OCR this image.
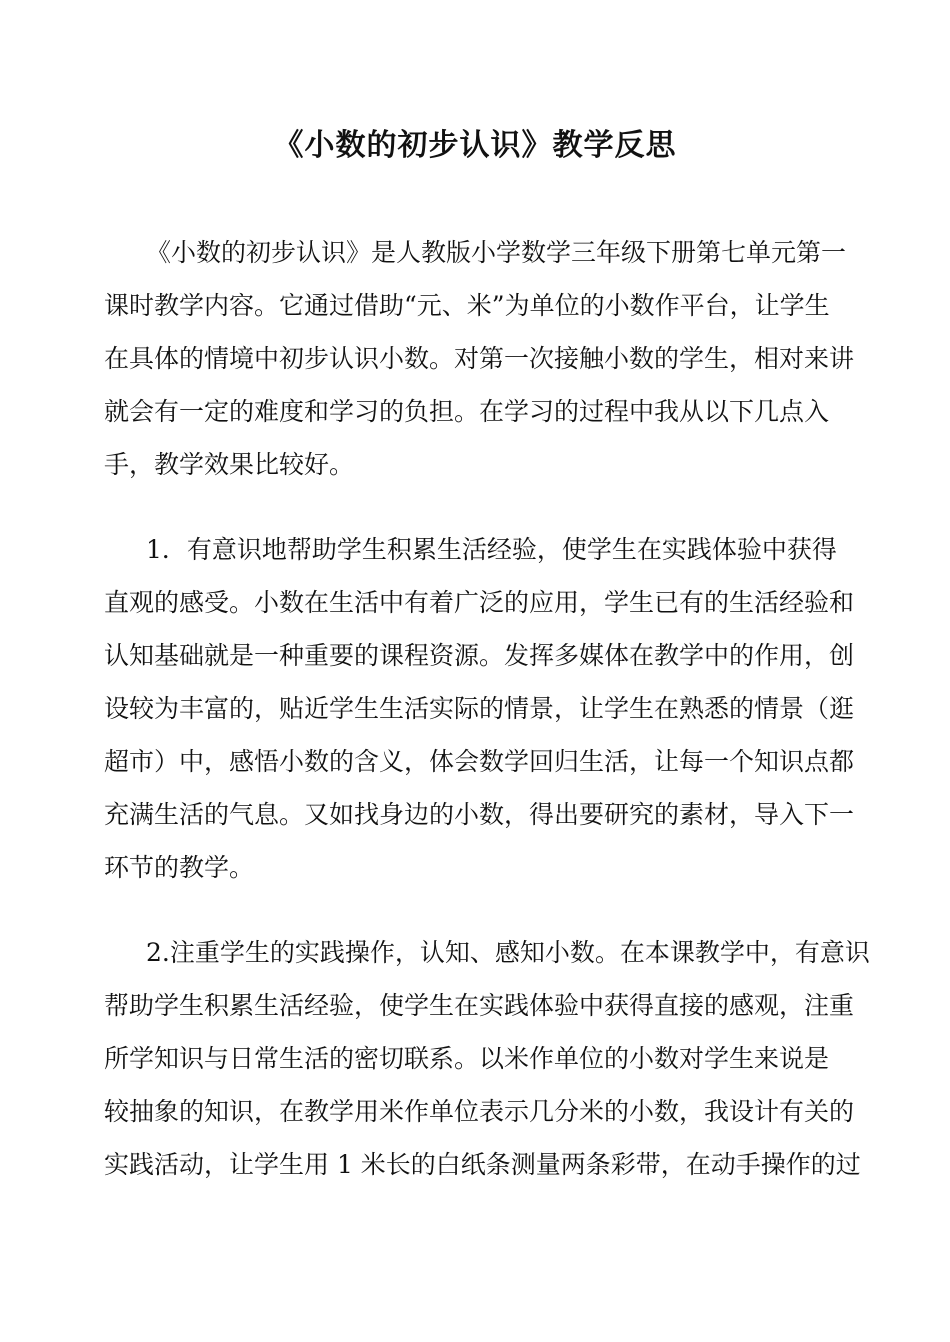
《小数的初步认识》教学反思
《小数的初步认识》是人教版小学数学三年级下册第七单元第一
课时教学内容。它通过借助“元、米”为单位的小数作平台，让学生
在具体的情境中初步认识小数。对第一次接触小数的学生，相对来讲
就会有一定的难度和学习的负担。在学习的过程中我从以下几点入
手，教学效果比较好。
1．有意识地帮助学生积累生活经验，使学生在实践体验中获得
直观的感受。小数在生活中有着广泛的应用，学生已有的生活经验和
认知基础就是一种重要的课程资源。发挥多媒体在教学中的作用，创
设较为丰富的，贴近学生生活实际的情景，让学生在熟悉的情景（逛
超市）中，感悟小数的含义，体会数学回归生活，让每一个知识点都
充满生活的气息。又如找身边的小数，得出要研究的素材，导入下一
环节的教学。
2.注重学生的实践操作，认知、感知小数。在本课教学中，有意识
帮助学生积累生活经验，使学生在实践体验中获得直接的感观，注重
所学知识与日常生活的密切联系。以米作单位的小数对学生来说是
较抽象的知识，在教学用米作单位表示几分米的小数，我设计有关的
实践活动，让学生用 1 米长的白纸条测量两条彩带，在动手操作的过
